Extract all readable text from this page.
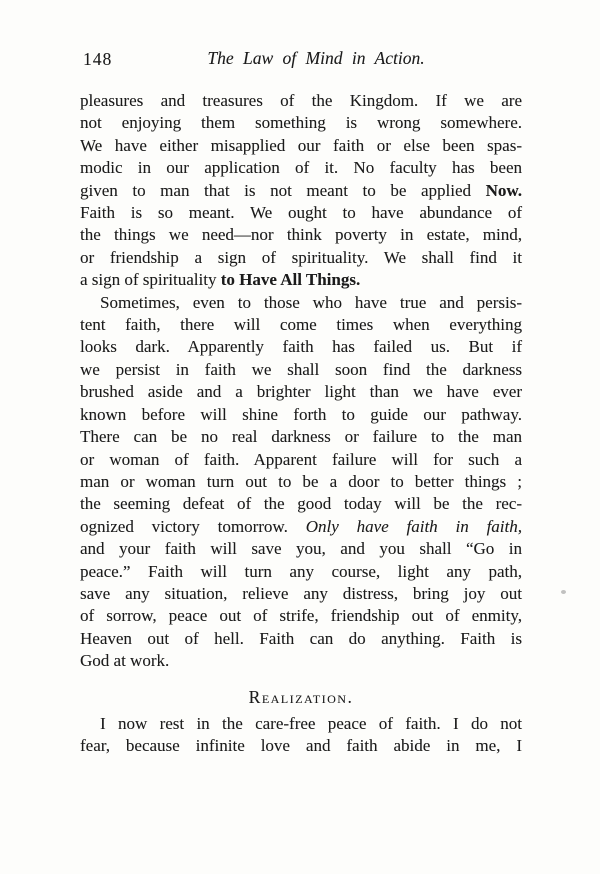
148	The Law of Mind in Action.
pleasures and treasures of the Kingdom. If we are
not enjoying them something is wrong somewhere.
We have either misapplied our faith or else been spas-
modic in our application of it. No faculty has been
given to man that is not meant to be applied Now.
Faith is so meant. We ought to have abundance of
the things we need—nor think poverty in estate, mind,
or friendship a sign of spirituality. We shall find it
a sign of spirituality to Have All Things.
Sometimes, even to those who have true and persis-
tent faith, there will come times when everything
looks dark. Apparently faith has failed us. But if
we persist in faith we shall soon find the darkness
brushed aside and a brighter light than we have ever
known before will shine forth to guide our pathway.
There can be no real darkness or failure to the man
or woman of faith. Apparent failure will for such a
man or woman turn out to be a door to better things ;
the seeming defeat of the good today will be the rec-
ognized victory tomorrow. Only have faith in faith,
and your faith will save you, and you shall “Go in
peace.” Faith will turn any course, light any path,
save any situation, relieve any distress, bring joy out
of sorrow, peace out of strife, friendship out of enmity,
Heaven out of hell. Faith can do anything. Faith is
God at work.
Realization.
I now rest in the care-free peace of faith. I do not
fear, because infinite love and faith abide in me, I
